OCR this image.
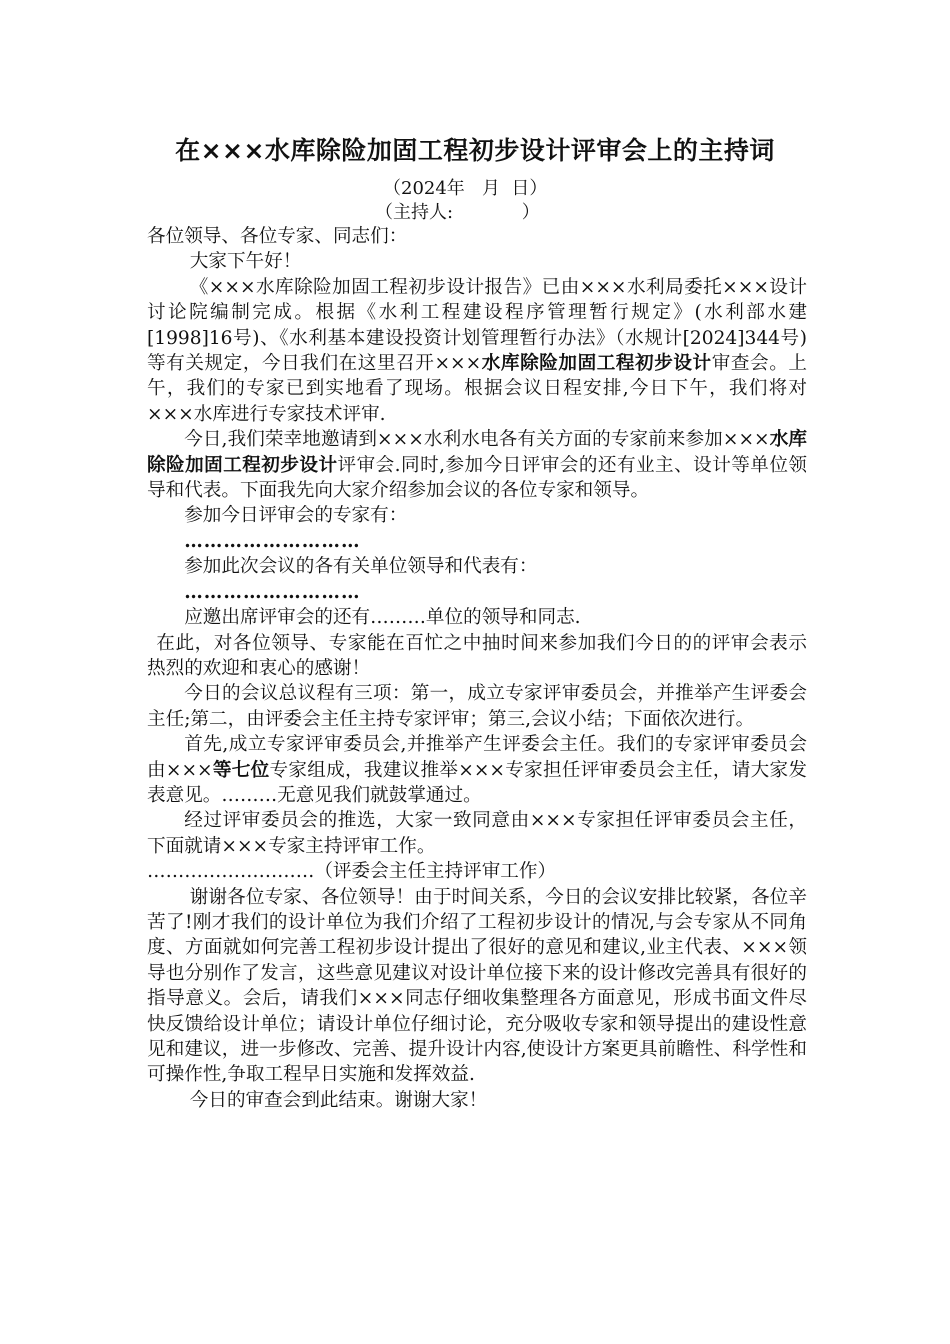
在×××水库除险加固工程初步设计评审会上的主持词
（2024年   月  日）
（主持人:            ）

各位领导、各位专家、同志们：

大家下午好！

《×××水库除险加固工程初步设计报告》已由×××水利局委托×××设计讨论院编制完成。根据《水利工程建设程序管理暂行规定》(水利部水建[1998]16号)、《水利基本建设投资计划管理暂行办法》（水规计[2024]344号)等有关规定，今日我们在这里召开×××水库除险加固工程初步设计审查会。上午，我们的专家已到实地看了现场。根据会议日程安排,今日下午，我们将对×××水库进行专家技术评审.

今日,我们荣幸地邀请到×××水利水电各有关方面的专家前来参加×××水库除险加固工程初步设计评审会.同时,参加今日评审会的还有业主、设计等单位领导和代表。下面我先向大家介绍参加会议的各位专家和领导。

参加今日评审会的专家有：

………………………

参加此次会议的各有关单位领导和代表有：

………………………

应邀出席评审会的还有………单位的领导和同志.

在此，对各位领导、专家能在百忙之中抽时间来参加我们今日的的评审会表示热烈的欢迎和衷心的感谢！

今日的会议总议程有三项：第一，成立专家评审委员会，并推举产生评委会主任;第二，由评委会主任主持专家评审；第三,会议小结；下面依次进行。

首先,成立专家评审委员会,并推举产生评委会主任。我们的专家评审委员会由×××等七位专家组成，我建议推举×××专家担任评审委员会主任，请大家发表意见。………无意见我们就鼓掌通过。

经过评审委员会的推选，大家一致同意由×××专家担任评审委员会主任，下面就请×××专家主持评审工作。

………………………（评委会主任主持评审工作）

谢谢各位专家、各位领导！由于时间关系，今日的会议安排比较紧，各位辛苦了!刚才我们的设计单位为我们介绍了工程初步设计的情况,与会专家从不同角度、方面就如何完善工程初步设计提出了很好的意见和建议,业主代表、×××领导也分别作了发言，这些意见建议对设计单位接下来的设计修改完善具有很好的指导意义。会后，请我们×××同志仔细收集整理各方面意见，形成书面文件尽快反馈给设计单位；请设计单位仔细讨论，充分吸收专家和领导提出的建设性意见和建议，进一步修改、完善、提升设计内容,使设计方案更具前瞻性、科学性和可操作性,争取工程早日实施和发挥效益.

今日的审查会到此结束。谢谢大家！
